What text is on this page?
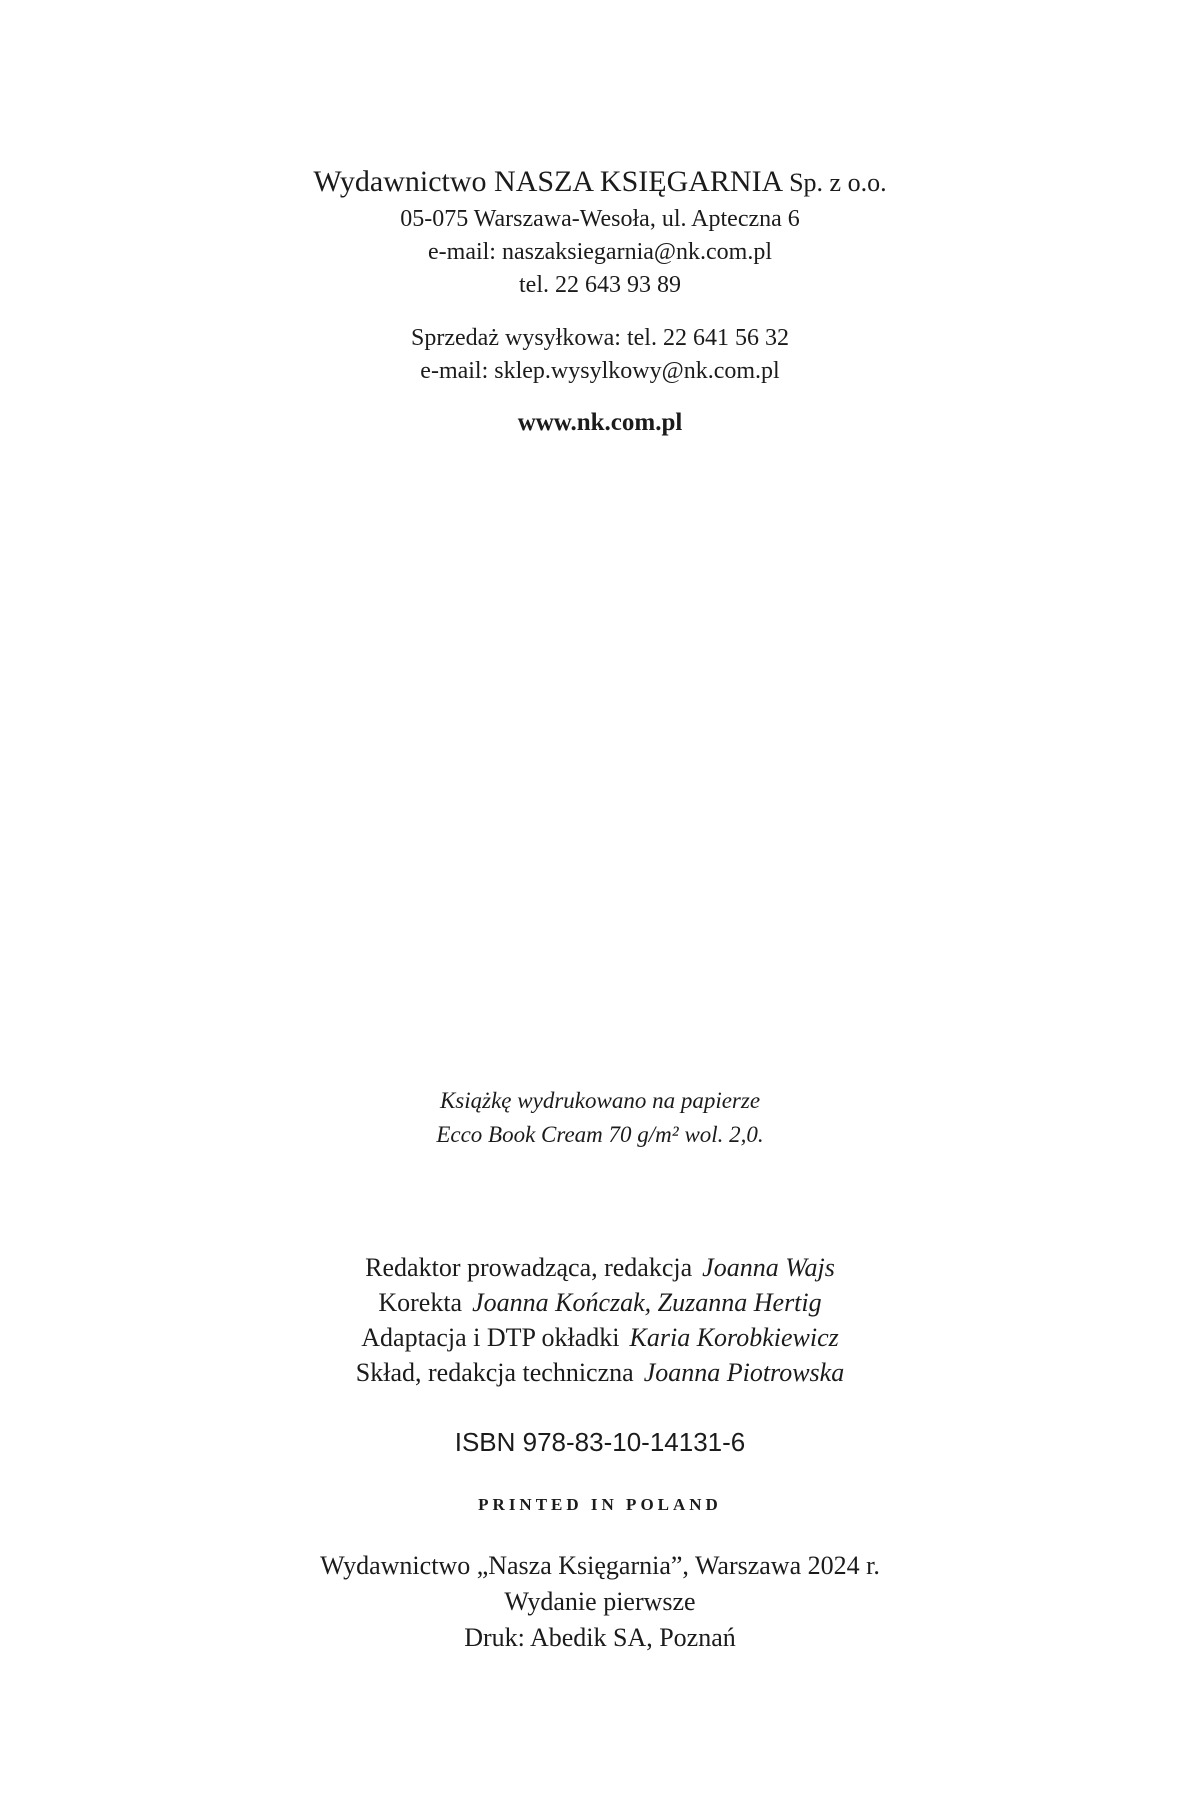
Wydawnictwo NASZA KSIĘGARNIA Sp. z o.o.
05-075 Warszawa-Wesoła, ul. Apteczna 6
e-mail: naszaksiegarnia@nk.com.pl
tel. 22 643 93 89
Sprzedaż wysyłkowa: tel. 22 641 56 32
e-mail: sklep.wysylkowy@nk.com.pl
www.nk.com.pl
Książkę wydrukowano na papierze
Ecco Book Cream 70 g/m² wol. 2,0.
Redaktor prowadząca, redakcja Joanna Wajs
Korekta Joanna Kończak, Zuzanna Hertig
Adaptacja i DTP okładki Karia Korobkiewicz
Skład, redakcja techniczna Joanna Piotrowska
ISBN 978-83-10-14131-6
PRINTED IN POLAND
Wydawnictwo „Nasza Księgarnia”, Warszawa 2024 r.
Wydanie pierwsze
Druk: Abedik SA, Poznań
